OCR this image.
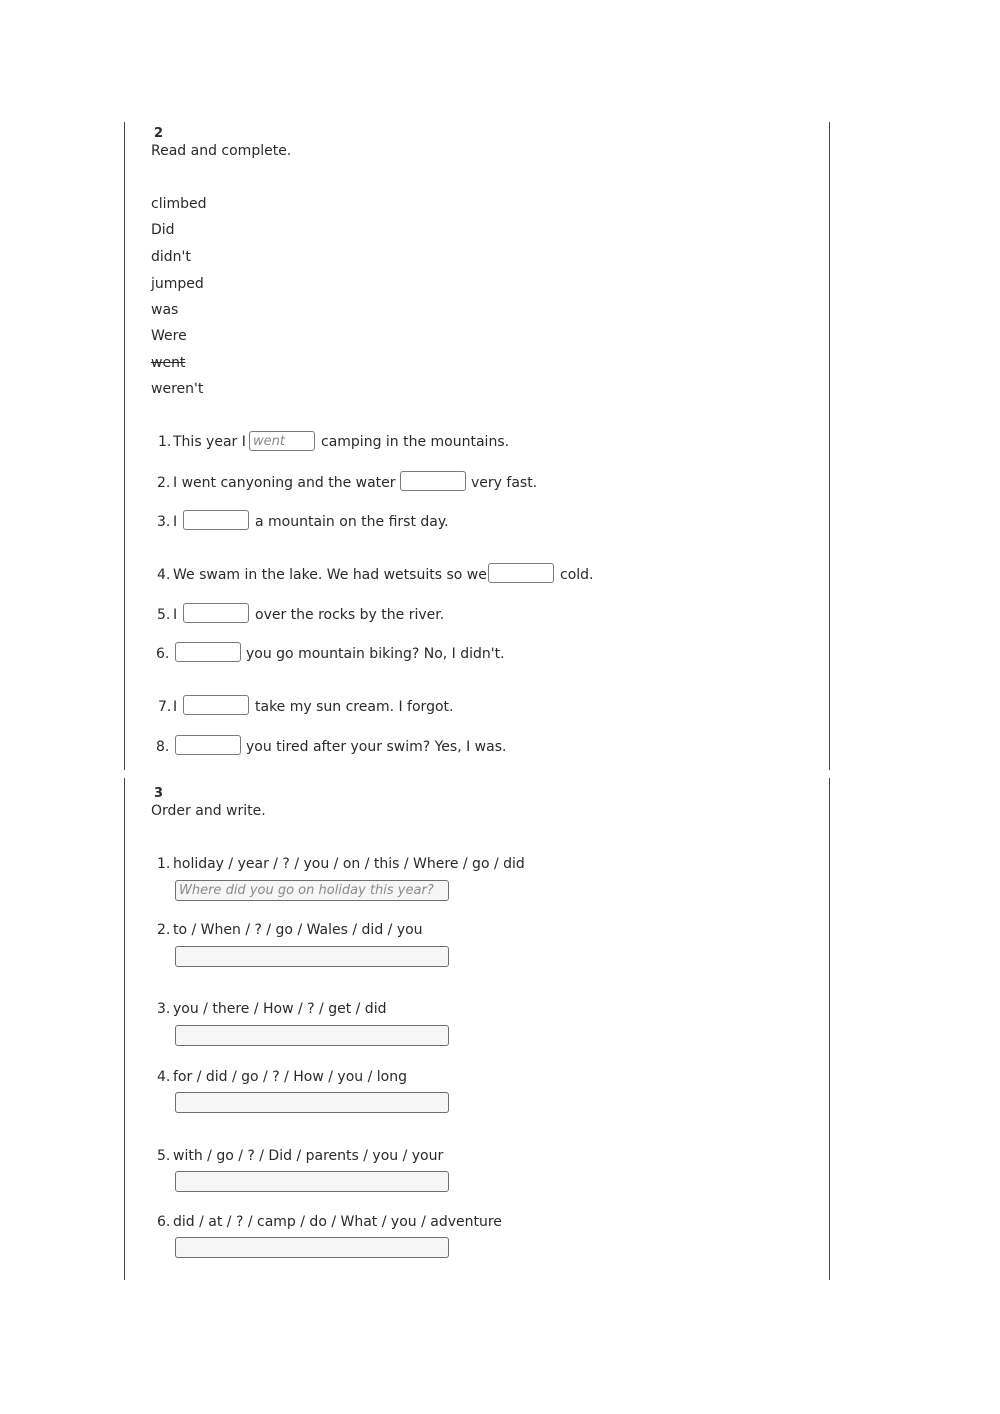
2
Read and complete.
climbed
Did
didn't
jumped
was
Were
went
weren't
1. This year I went	camping in the mountains.
2. I went canyoning and the water	very fast.
3. I	a mountain on the first day.
4. We swam in the lake. We had wetsuits so we	cold.
5. I	over the rocks by the river.
6.	you go mountain biking? No, I didn't.
7. I	take my sun cream. I forgot.
8.	you tired after your swim? Yes, I was.
3
Order and write.
1. holiday / year / ? / you / on / this / Where / go / did
Where did you go on holiday this year?
2. to / When / ? / go / Wales / did / you
3. you / there / How / ? / get / did
4. for / did / go / ? / How / you / long
5. with / go / ? / Did / parents / you / your
6. did / at / ? / camp / do / What / you / adventure
